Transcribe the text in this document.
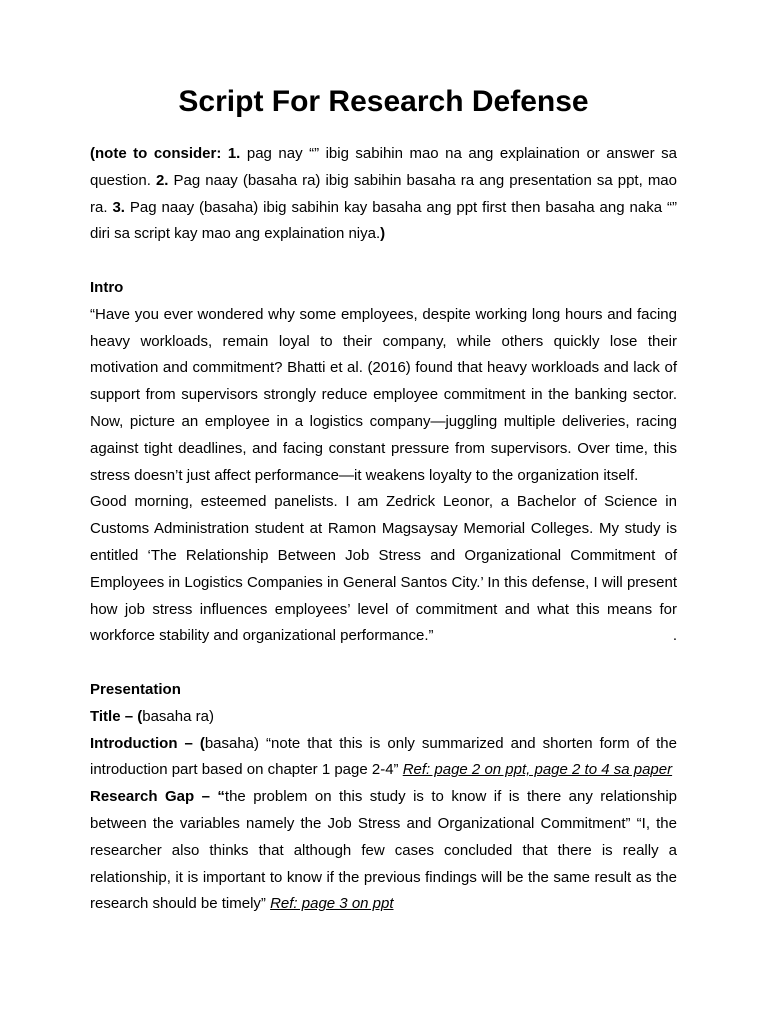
Script For Research Defense

(note to consider: 1. pag nay “” ibig sabihin mao na ang explaination or answer sa question. 2. Pag naay (basaha ra) ibig sabihin basaha ra ang presentation sa ppt, mao ra. 3. Pag naay (basaha) ibig sabihin kay basaha ang ppt first then basaha ang naka “” diri sa script kay mao ang explaination niya.)

Intro

“Have you ever wondered why some employees, despite working long hours and facing heavy workloads, remain loyal to their company, while others quickly lose their motivation and commitment? Bhatti et al. (2016) found that heavy workloads and lack of support from supervisors strongly reduce employee commitment in the banking sector. Now, picture an employee in a logistics company—juggling multiple deliveries, racing against tight deadlines, and facing constant pressure from supervisors. Over time, this stress doesn’t just affect performance—it weakens loyalty to the organization itself.

Good morning, esteemed panelists. I am Zedrick Leonor, a Bachelor of Science in Customs Administration student at Ramon Magsaysay Memorial Colleges. My study is entitled ‘The Relationship Between Job Stress and Organizational Commitment of Employees in Logistics Companies in General Santos City.’ In this defense, I will present how job stress influences employees’ level of commitment and what this means for workforce stability and organizational performance.”	.

Presentation

Title – (basaha ra)

Introduction – (basaha) “note that this is only summarized and shorten form of the introduction part based on chapter 1 page 2-4” Ref: page 2 on ppt, page 2 to 4 sa paper

Research Gap – “the problem on this study is to know if is there any relationship between the variables namely the Job Stress and Organizational Commitment” “I, the researcher also thinks that although few cases concluded that there is really a relationship, it is important to know if the previous findings will be the same result as the research should be timely” Ref: page 3 on ppt
